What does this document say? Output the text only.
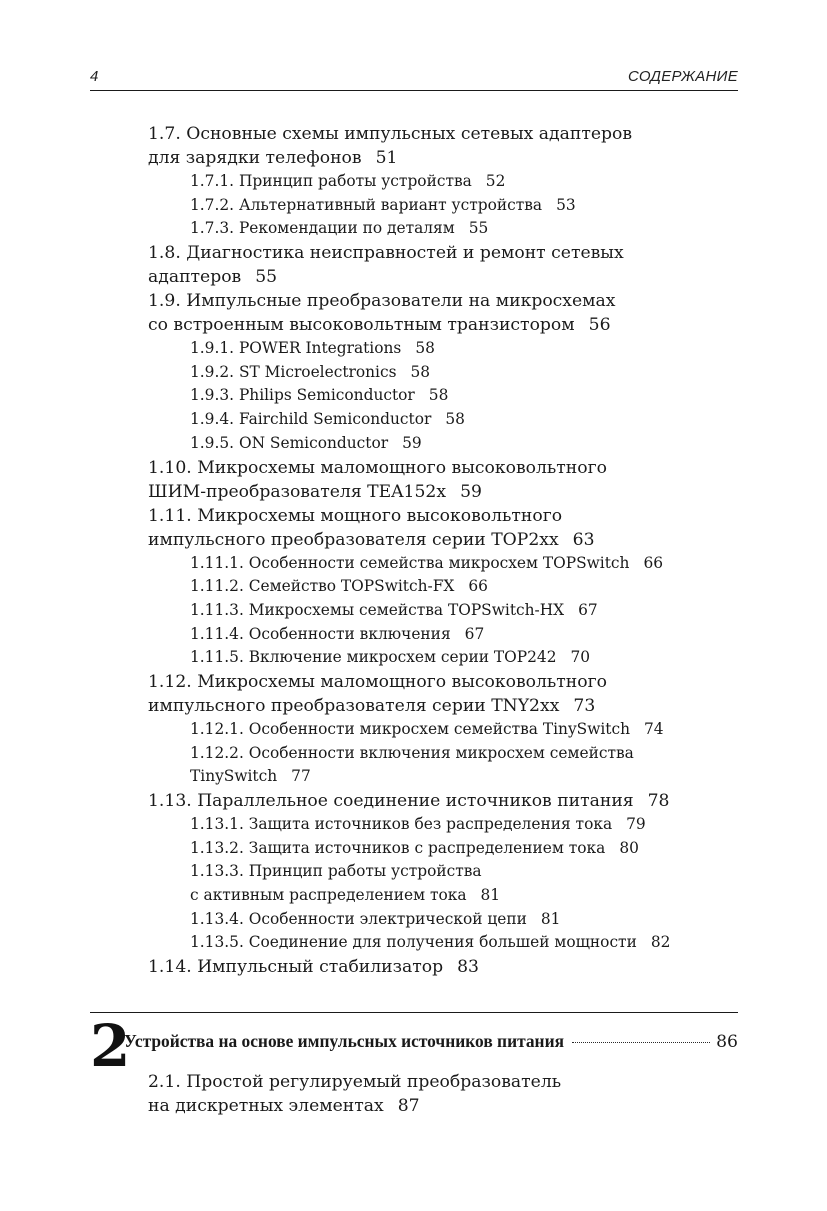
4	СОДЕРЖАНИЕ
1.7. Основные схемы импульсных сетевых адаптеров
для зарядки телефонов 51
1.7.1. Принцип работы устройства 52
1.7.2. Альтернативный вариант устройства 53
1.7.3. Рекомендации по деталям 55
1.8. Диагностика неисправностей и ремонт сетевых
адаптеров 55
1.9. Импульсные преобразователи на микросхемах
со встроенным высоковольтным транзистором 56
1.9.1. POWER Integrations 58
1.9.2. ST Microelectronics 58
1.9.3. Philips Semiconductor 58
1.9.4. Fairchild Semiconductor 58
1.9.5. ON Semiconductor 59
1.10. Микросхемы маломощного высоковольтного
ШИМ-преобразователя TEA152x 59
1.11. Микросхемы мощного высоковольтного
импульсного преобразователя серии TOP2xx 63
1.11.1. Особенности семейства микросхем TOPSwitch 66
1.11.2. Семейство TOPSwitch-FX 66
1.11.3. Микросхемы семейства TOPSwitch-HX 67
1.11.4. Особенности включения 67
1.11.5. Включение микросхем серии TOP242 70
1.12. Микросхемы маломощного высоковольтного
импульсного преобразователя серии TNY2xx 73
1.12.1. Особенности микросхем семейства TinySwitch 74
1.12.2. Особенности включения микросхем семейства
TinySwitch 77
1.13. Параллельное соединение источников питания 78
1.13.1. Защита источников без распределения тока 79
1.13.2. Защита источников с распределением тока 80
1.13.3. Принцип работы устройства
с активным распределением тока 81
1.13.4. Особенности электрической цепи 81
1.13.5. Соединение для получения большей мощности 82
1.14. Импульсный стабилизатор 83
2
Устройства на основе импульсных источников питания	86
2.1. Простой регулируемый преобразователь
на дискретных элементах 87
